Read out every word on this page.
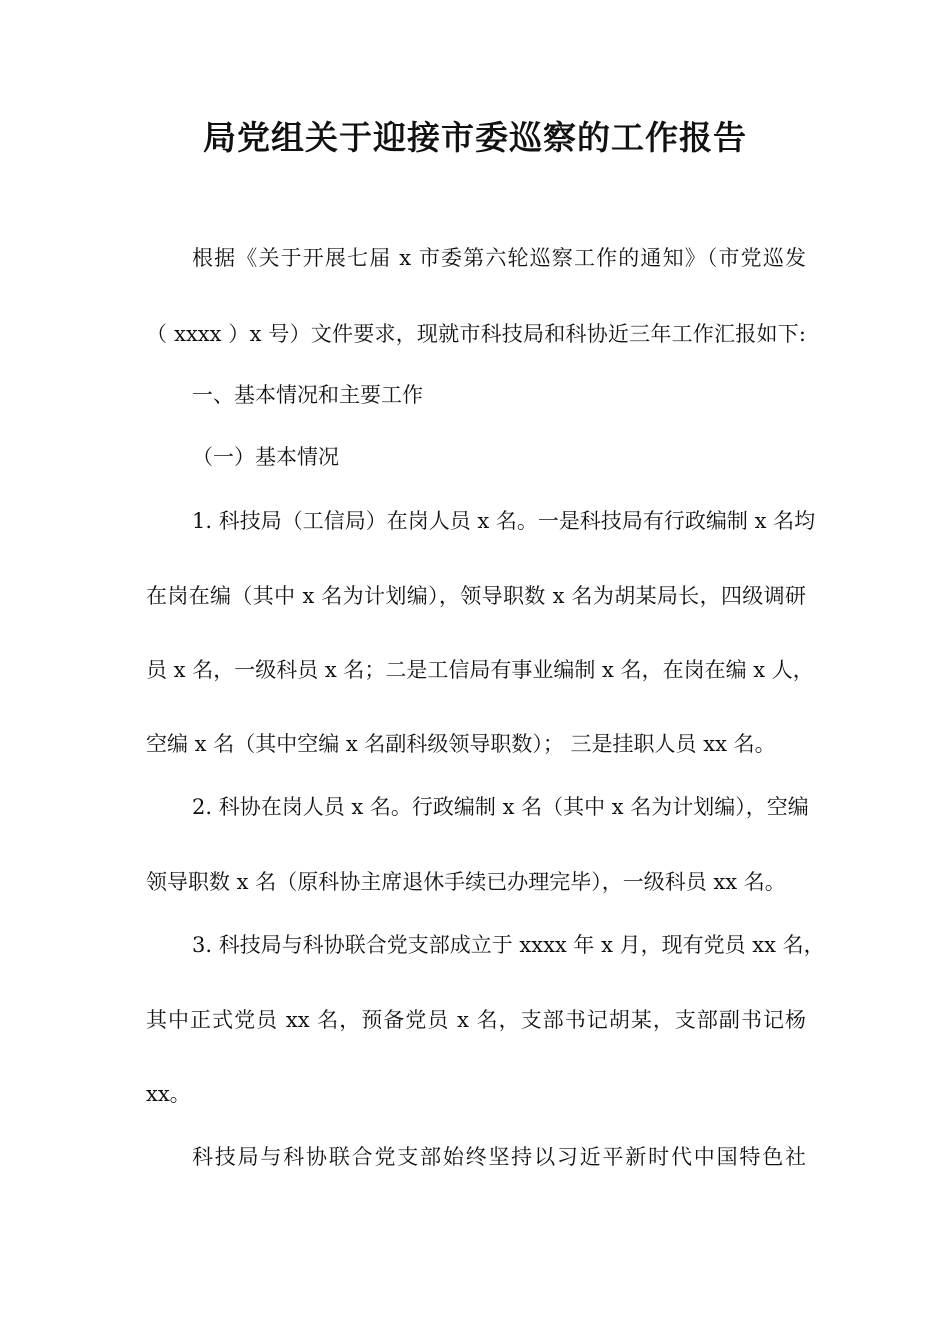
局党组关于迎接市委巡察的工作报告
根据《关于开展七届 x 市委第六轮巡察工作的通知》（市党巡发
（ xxxx ）x 号）文件要求，现就市科技局和科协近三年工作汇报如下:
一、基本情况和主要工作
（一）基本情况
1. 科技局（工信局）在岗人员 x 名。一是科技局有行政编制 x 名均
在岗在编（其中 x 名为计划编），领导职数 x 名为胡某局长，四级调研
员 x 名，一级科员 x 名；二是工信局有事业编制 x 名，在岗在编 x 人，
空编 x 名（其中空编 x 名副科级领导职数）； 三是挂职人员 xx 名。
2. 科协在岗人员 x 名。行政编制 x 名（其中 x 名为计划编），空编
领导职数 x 名（原科协主席退休手续已办理完毕），一级科员 xx 名。
3. 科技局与科协联合党支部成立于 xxxx 年 x 月，现有党员 xx 名，
其中正式党员 xx 名，预备党员 x 名，支部书记胡某，支部副书记杨
xx。
科技局与科协联合党支部始终坚持以习近平新时代中国特色社
